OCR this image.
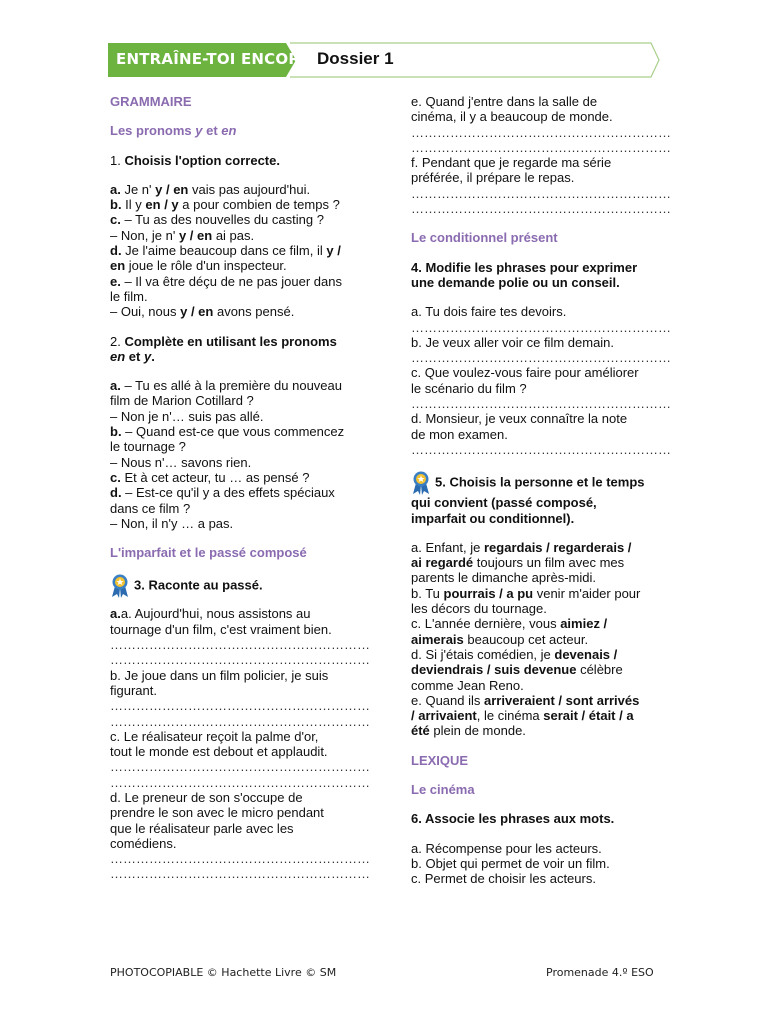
ENTRAÎNE-TOI ENCORE Dossier 1

GRAMMAIRE

Les pronoms y et en

1. Choisis l'option correcte.

a. Je n' y / en vais pas aujourd'hui.

b. Il y en / y a pour combien de temps ?

c. – Tu as des nouvelles du casting ?

– Non, je n' y / en ai pas.

d. Je l'aime beaucoup dans ce film, il y /

en joue le rôle d'un inspecteur.

e. – Il va être déçu de ne pas jouer dans

le film.

– Oui, nous y / en avons pensé.

2. Complète en utilisant les pronoms
en et y.

a. – Tu es allé à la première du nouveau

film de Marion Cotillard ?

– Non je n'… suis pas allé.

b. – Quand est-ce que vous commencez

le tournage ?

– Nous n'… savons rien.

c. Et à cet acteur, tu … as pensé ?

d. – Est-ce qu'il y a des effets spéciaux

dans ce film ?

– Non, il n'y … a pas.

L'imparfait et le passé composé

3. Raconte au passé.

a.a. Aujourd'hui, nous assistons au

tournage d'un film, c'est vraiment bien.

……………………………………………………

……………………………………………………

b. Je joue dans un film policier, je suis

figurant.

……………………………………………………

……………………………………………………

c. Le réalisateur reçoit la palme d'or,

tout le monde est debout et applaudit.

……………………………………………………

……………………………………………………

d. Le preneur de son s'occupe de

prendre le son avec le micro pendant

que le réalisateur parle avec les

comédiens.

……………………………………………………

……………………………………………………

e. Quand j'entre dans la salle de

cinéma, il y a beaucoup de monde.

……………………………………………………

……………………………………………………

f. Pendant que je regarde ma série

préférée, il prépare le repas.

……………………………………………………

……………………………………………………

Le conditionnel présent

4. Modifie les phrases pour exprimer
une demande polie ou un conseil.

a. Tu dois faire tes devoirs.

……………………………………………………

b. Je veux aller voir ce film demain.

……………………………………………………

c. Que voulez-vous faire pour améliorer

le scénario du film ?

……………………………………………………

d. Monsieur, je veux connaître la note

de mon examen.

……………………………………………………

5. Choisis la personne et le temps
qui convient (passé composé,
imparfait ou conditionnel).

a. Enfant, je regardais / regarderais /
ai regardé toujours un film avec mes
parents le dimanche après-midi.

b. Tu pourrais / a pu venir m'aider pour
les décors du tournage.

c. L'année dernière, vous aimiez /
aimerais beaucoup cet acteur.

d. Si j'étais comédien, je devenais /
deviendrais / suis devenue célèbre
comme Jean Reno.

e. Quand ils arriveraient / sont arrivés
/ arrivaient, le cinéma serait / était / a
été plein de monde.

LEXIQUE

Le cinéma

6. Associe les phrases aux mots.

a. Récompense pour les acteurs.

b. Objet qui permet de voir un film.

c. Permet de choisir les acteurs.

PHOTOCOPIABLE © Hachette Livre © SM	Promenade 4.º ESO
